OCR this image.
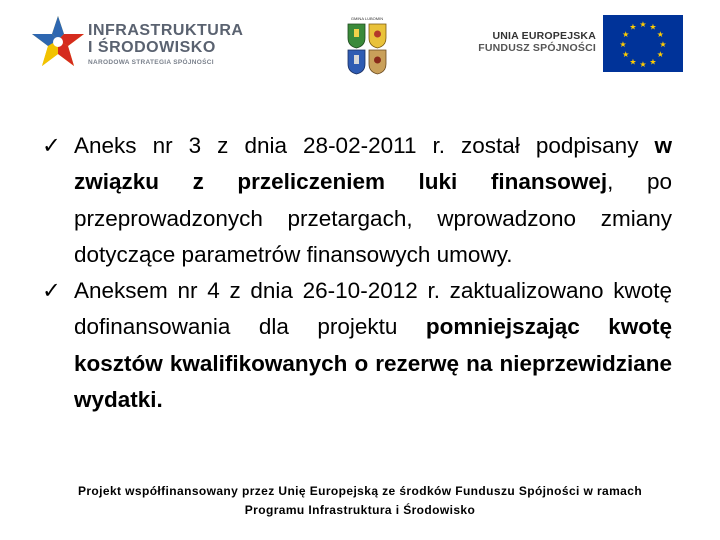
INFRASTRUKTURA
I ŚRODOWISKO
NARODOWA STRATEGIA SPÓJNOŚCI
GMINA LUBOMIN
UNIA EUROPEJSKA
FUNDUSZ SPÓJNOŚCI
★ ★
★
★
★
★
★
★
★
★
★
★
✓ Aneks nr 3 z dnia 28-02-2011 r. został podpisany w związku z przeliczeniem luki finansowej, po przeprowadzonych przetargach, wprowadzono zmiany dotyczące parametrów finansowych umowy.
✓ Aneksem nr 4 z dnia 26-10-2012 r. zaktualizowano kwotę dofinansowania dla projektu pomniejszając kwotę kosztów kwalifikowanych o rezerwę na nieprzewidziane wydatki.
Projekt współfinansowany przez Unię Europejską ze środków Funduszu Spójności w ramach
Programu Infrastruktura i Środowisko
